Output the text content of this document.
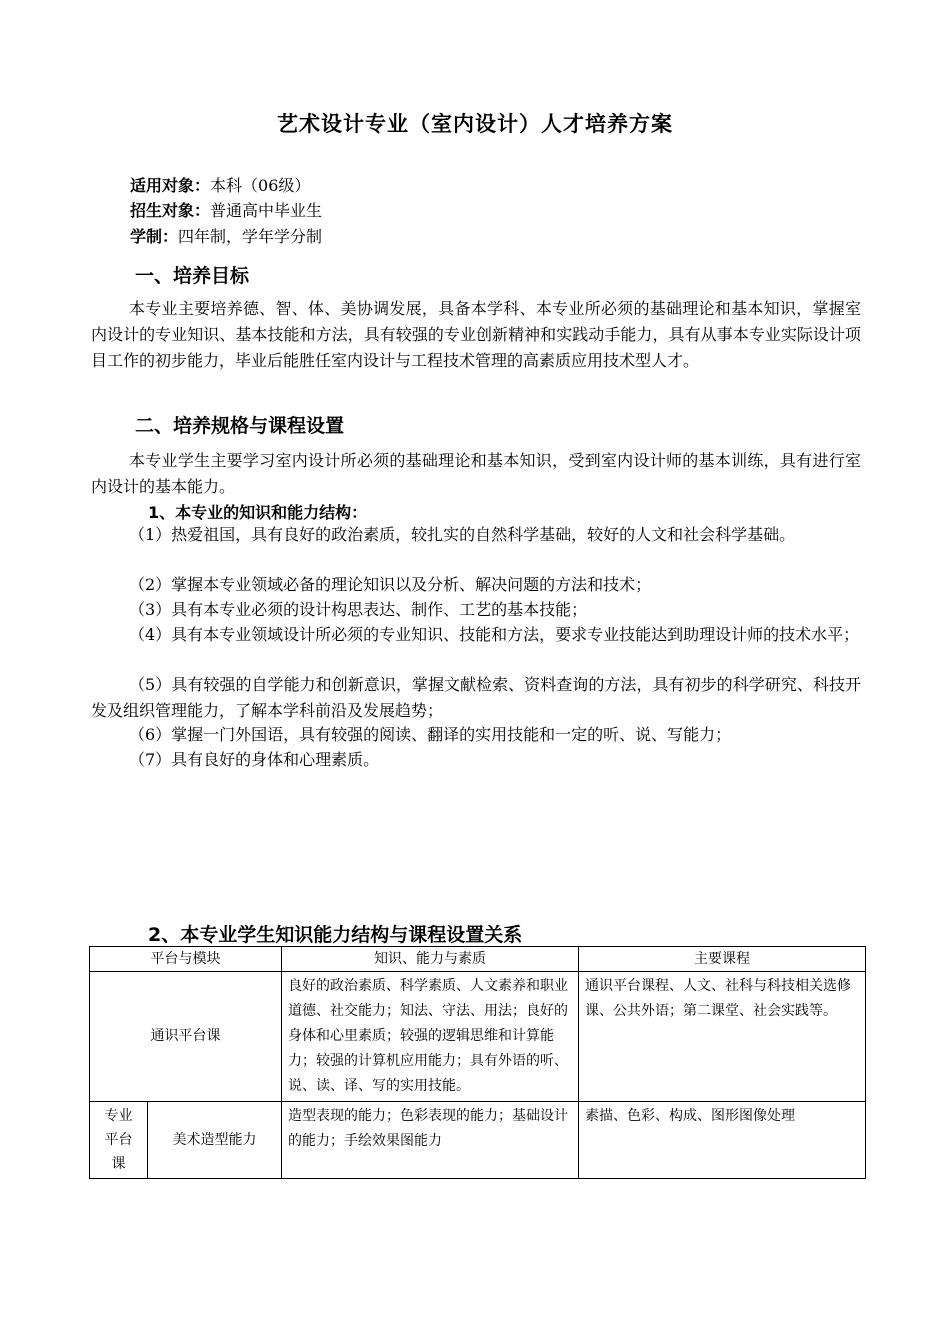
艺术设计专业（室内设计）人才培养方案
适用对象：本科（06级）
招生对象：普通高中毕业生
学制：四年制，学年学分制
一、培养目标
本专业主要培养德、智、体、美协调发展，具备本学科、本专业所必须的基础理论和基本知识，掌握室内设计的专业知识、基本技能和方法，具有较强的专业创新精神和实践动手能力，具有从事本专业实际设计项目工作的初步能力，毕业后能胜任室内设计与工程技术管理的高素质应用技术型人才。
二、培养规格与课程设置
本专业学生主要学习室内设计所必须的基础理论和基本知识，受到室内设计师的基本训练，具有进行室内设计的基本能力。
1、本专业的知识和能力结构：
（1）热爱祖国，具有良好的政治素质，较扎实的自然科学基础，较好的人文和社会科学基础。
（2）掌握本专业领域必备的理论知识以及分析、解决问题的方法和技术；
（3）具有本专业必须的设计构思表达、制作、工艺的基本技能；
（4）具有本专业领域设计所必须的专业知识、技能和方法，要求专业技能达到助理设计师的技术水平；
（5）具有较强的自学能力和创新意识，掌握文献检索、资料查询的方法，具有初步的科学研究、科技开发及组织管理能力，了解本学科前沿及发展趋势；
（6）掌握一门外国语，具有较强的阅读、翻译的实用技能和一定的听、说、写能力；
（7）具有良好的身体和心理素质。
2、本专业学生知识能力结构与课程设置关系
平台与模块		知识、能力与素质	主要课程
通识平台课		良好的政治素质、科学素质、人文素养和职业道德、社交能力；知法、守法、用法；良好的身体和心里素质；较强的逻辑思维和计算能力；较强的计算机应用能力；具有外语的听、说、读、译、写的实用技能。	通识平台课程、人文、社科与科技相关选修课、公共外语；第二课堂、社会实践等。

专业
平台
课	美术造型能力	造型表现的能力；色彩表现的能力；基础设计的能力；手绘效果图能力	素描、色彩、构成、图形图像处理
